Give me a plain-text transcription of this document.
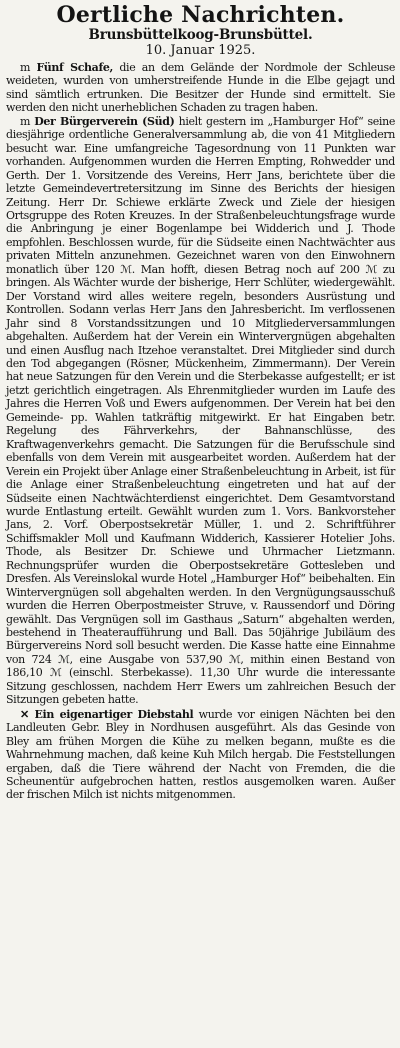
Oertliche Nachrichten.
Brunsbüttelkoog-Brunsbüttel.
10. Januar 1925.

m Fünf Schafe, die an dem Gelände der Nordmole der Schleuse weideten, wurden von umherstreifende Hunde in die Elbe gejagt und sind sämtlich ertrunken. Die Besitzer der Hunde sind ermittelt. Sie werden den nicht unerheblichen Schaden zu tragen haben.

m Der Bürgerverein (Süd) hielt gestern im „Hamburger Hof“ seine diesjährige ordentliche Generalversammlung ab, die von 41 Mitgliedern besucht war. Eine umfangreiche Tagesordnung von 11 Punkten war vorhanden. Aufgenommen wurden die Herren Empting, Rohwedder und Gerth. Der 1. Vorsitzende des Vereins, Herr Jans, berichtete über die letzte Gemeindevertretersitzung im Sinne des Berichts der hiesigen Zeitung. Herr Dr. Schiewe erklärte Zweck und Ziele der hiesigen Ortsgruppe des Roten Kreuzes. In der Straßenbeleuchtungsfrage wurde die Anbringung je einer Bogenlampe bei Widderich und J. Thode empfohlen. Beschlossen wurde, für die Südseite einen Nachtwächter aus privaten Mitteln anzunehmen. Gezeichnet waren von den Einwohnern monatlich über 120 ℳ. Man hofft, diesen Betrag noch auf 200 ℳ zu bringen. Als Wächter wurde der bisherige, Herr Schlüter, wiedergewählt. Der Vorstand wird alles weitere regeln, besonders Ausrüstung und Kontrollen. Sodann verlas Herr Jans den Jahresbericht. Im verflossenen Jahr sind 8 Vorstandssitzungen und 10 Mitgliederversammlungen abgehalten. Außerdem hat der Verein ein Wintervergnügen abgehalten und einen Ausflug nach Itzehoe veranstaltet. Drei Mitglieder sind durch den Tod abgegangen (Rösner, Mückenheim, Zimmermann). Der Verein hat neue Satzungen für den Verein und die Sterbekasse aufgestellt; er ist jetzt gerichtlich eingetragen. Als Ehrenmitglieder wurden im Laufe des Jahres die Herren Voß und Ewers aufgenommen. Der Verein hat bei den Gemeinde- pp. Wahlen tatkräftig mitgewirkt. Er hat Eingaben betr. Regelung des Fährverkehrs, der Bahnanschlüsse, des Kraftwagenverkehrs gemacht. Die Satzungen für die Berufsschule sind ebenfalls von dem Verein mit ausgearbeitet worden. Außerdem hat der Verein ein Projekt über Anlage einer Straßenbeleuchtung in Arbeit, ist für die Anlage einer Straßenbeleuchtung eingetreten und hat auf der Südseite einen Nachtwächterdienst eingerichtet. Dem Gesamtvorstand wurde Entlastung erteilt. Gewählt wurden zum 1. Vors. Bankvorsteher Jans, 2. Vorf. Oberpostsekretär Müller, 1. und 2. Schriftführer Schiffsmakler Moll und Kaufmann Widderich, Kassierer Hotelier Johs. Thode, als Besitzer Dr. Schiewe und Uhrmacher Lietzmann. Rechnungsprüfer wurden die Oberpostsekretäre Gottesleben und Dresfen. Als Vereinslokal wurde Hotel „Hamburger Hof“ beibehalten. Ein Wintervergnügen soll abgehalten werden. In den Vergnügungsausschuß wurden die Herren Oberpostmeister Struve, v. Raussendorf und Döring gewählt. Das Vergnügen soll im Gasthaus „Saturn“ abgehalten werden, bestehend in Theateraufführung und Ball. Das 50jährige Jubiläum des Bürgervereins Nord soll besucht werden. Die Kasse hatte eine Einnahme von 724 ℳ, eine Ausgabe von 537,90 ℳ, mithin einen Bestand von 186,10 ℳ (einschl. Sterbekasse). 11,30 Uhr wurde die interessante Sitzung geschlossen, nachdem Herr Ewers um zahlreichen Besuch der Sitzungen gebeten hatte.

✕ Ein eigenartiger Diebstahl wurde vor einigen Nächten bei den Landleuten Gebr. Bley in Nordhusen ausgeführt. Als das Gesinde von Bley am frühen Morgen die Kühe zu melken begann, mußte es die Wahrnehmung machen, daß keine Kuh Milch hergab. Die Feststellungen ergaben, daß die Tiere während der Nacht von Fremden, die die Scheunentür aufgebrochen hatten, restlos ausgemolken waren. Außer der frischen Milch ist nichts mitgenommen.
